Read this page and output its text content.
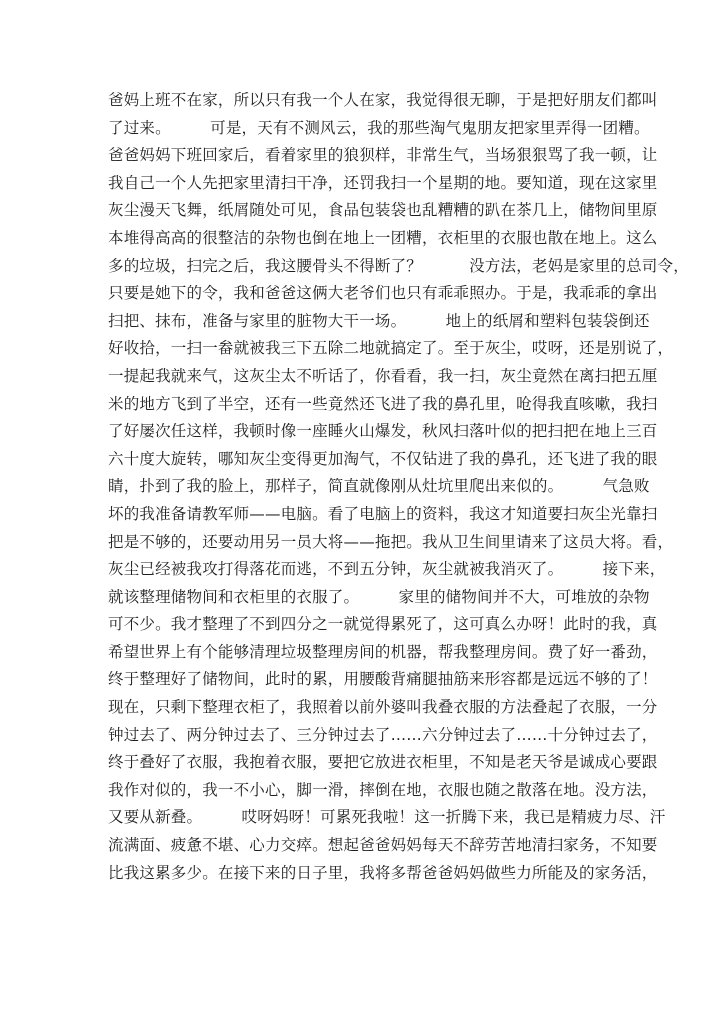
爸妈上班不在家，所以只有我一个人在家，我觉得很无聊，于是把好朋友们都叫
了过来。　　　可是，天有不测风云，我的那些淘气鬼朋友把家里弄得一团糟。
爸爸妈妈下班回家后，看着家里的狼狈样，非常生气，当场狠狠骂了我一顿，让
我自己一个人先把家里清扫干净，还罚我扫一个星期的地。要知道，现在这家里
灰尘漫天飞舞，纸屑随处可见，食品包装袋也乱糟糟的趴在茶几上，储物间里原
本堆得高高的很整洁的杂物也倒在地上一团糟，衣柜里的衣服也散在地上。这么
多的垃圾，扫完之后，我这腰骨头不得断了？　　　没方法，老妈是家里的总司令，
只要是她下的令，我和爸爸这俩大老爷们也只有乖乖照办。于是，我乖乖的拿出
扫把、抹布，准备与家里的脏物大干一场。　　　地上的纸屑和塑料包装袋倒还
好收拾，一扫一畚就被我三下五除二地就搞定了。至于灰尘，哎呀，还是别说了，
一提起我就来气，这灰尘太不听话了，你看看，我一扫，灰尘竟然在离扫把五厘
米的地方飞到了半空，还有一些竟然还飞进了我的鼻孔里，呛得我直咳嗽，我扫
了好屡次任这样，我顿时像一座睡火山爆发，秋风扫落叶似的把扫把在地上三百
六十度大旋转，哪知灰尘变得更加淘气，不仅钻进了我的鼻孔，还飞进了我的眼
睛，扑到了我的脸上，那样子，简直就像刚从灶坑里爬出来似的。　　　气急败
坏的我准备请教军师——电脑。看了电脑上的资料，我这才知道要扫灰尘光靠扫
把是不够的，还要动用另一员大将——拖把。我从卫生间里请来了这员大将。看，
灰尘已经被我攻打得落花而逃，不到五分钟，灰尘就被我消灭了。　　　接下来，
就该整理储物间和衣柜里的衣服了。　　　家里的储物间并不大，可堆放的杂物
可不少。我才整理了不到四分之一就觉得累死了，这可真么办呀！此时的我，真
希望世界上有个能够清理垃圾整理房间的机器，帮我整理房间。费了好一番劲，
终于整理好了储物间，此时的累，用腰酸背痛腿抽筋来形容都是远远不够的了！
现在，只剩下整理衣柜了，我照着以前外婆叫我叠衣服的方法叠起了衣服，一分
钟过去了、两分钟过去了、三分钟过去了……六分钟过去了……十分钟过去了，
终于叠好了衣服，我抱着衣服，要把它放进衣柜里，不知是老天爷是诚成心要跟
我作对似的，我一不小心，脚一滑，摔倒在地，衣服也随之散落在地。没方法，
又要从新叠。　　　哎呀妈呀！可累死我啦！这一折腾下来，我已是精疲力尽、汗
流满面、疲惫不堪、心力交瘁。想起爸爸妈妈每天不辞劳苦地清扫家务，不知要
比我这累多少。在接下来的日子里，我将多帮爸爸妈妈做些力所能及的家务活，
